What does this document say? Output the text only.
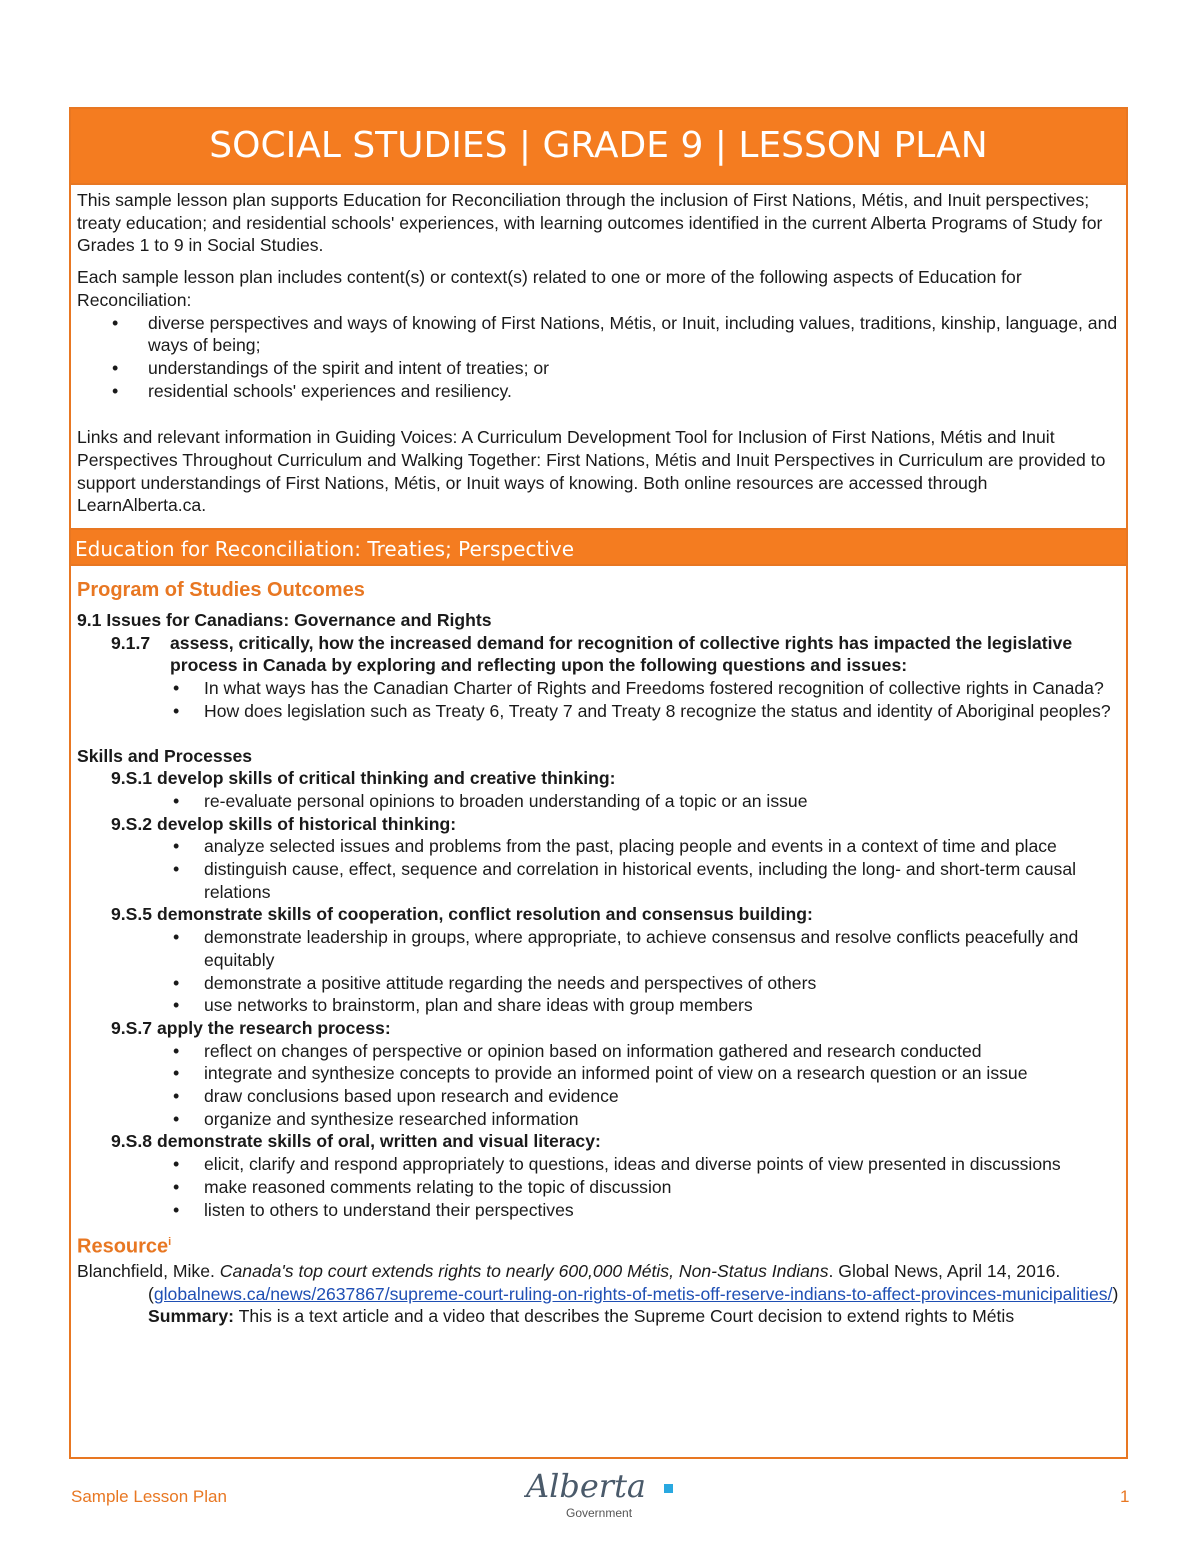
SOCIAL STUDIES | GRADE 9 | LESSON PLAN

This sample lesson plan supports Education for Reconciliation through the inclusion of First Nations, Métis, and Inuit perspectives; treaty education; and residential schools' experiences, with learning outcomes identified in the current Alberta Programs of Study for Grades 1 to 9 in Social Studies.

Each sample lesson plan includes content(s) or context(s) related to one or more of the following aspects of Education for Reconciliation:

• diverse perspectives and ways of knowing of First Nations, Métis, or Inuit, including values, traditions, kinship, language, and ways of being;
• understandings of the spirit and intent of treaties; or
• residential schools' experiences and resiliency.

Links and relevant information in Guiding Voices: A Curriculum Development Tool for Inclusion of First Nations, Métis and Inuit Perspectives Throughout Curriculum and Walking Together: First Nations, Métis and Inuit Perspectives in Curriculum are provided to support understandings of First Nations, Métis, or Inuit ways of knowing. Both online resources are accessed through LearnAlberta.ca.

Education for Reconciliation: Treaties; Perspective
Program of Studies Outcomes

9.1 Issues for Canadians: Governance and Rights

9.1.7 assess, critically, how the increased demand for recognition of collective rights has impacted the legislative process in Canada by exploring and reflecting upon the following questions and issues:

• In what ways has the Canadian Charter of Rights and Freedoms fostered recognition of collective rights in Canada?
• How does legislation such as Treaty 6, Treaty 7 and Treaty 8 recognize the status and identity of Aboriginal peoples?

Skills and Processes

9.S.1 develop skills of critical thinking and creative thinking:

• re-evaluate personal opinions to broaden understanding of a topic or an issue

9.S.2 develop skills of historical thinking:

• analyze selected issues and problems from the past, placing people and events in a context of time and place
• distinguish cause, effect, sequence and correlation in historical events, including the long- and short-term causal relations

9.S.5 demonstrate skills of cooperation, conflict resolution and consensus building:

• demonstrate leadership in groups, where appropriate, to achieve consensus and resolve conflicts peacefully and equitably
• demonstrate a positive attitude regarding the needs and perspectives of others
• use networks to brainstorm, plan and share ideas with group members

9.S.7 apply the research process:

• reflect on changes of perspective or opinion based on information gathered and research conducted
• integrate and synthesize concepts to provide an informed point of view on a research question or an issue
• draw conclusions based upon research and evidence
• organize and synthesize researched information

9.S.8 demonstrate skills of oral, written and visual literacy:

• elicit, clarify and respond appropriately to questions, ideas and diverse points of view presented in discussions
• make reasoned comments relating to the topic of discussion
• listen to others to understand their perspectives
Resource$^i$

Blanchfield, Mike. Canada's top court extends rights to nearly 600,000 Métis, Non-Status Indians. Global News, April 14, 2016. (globalnews.ca/news/2637867/supreme-court-ruling-on-rights-of-metis-off-reserve-indians-to-affect-provinces-municipalities/)

Summary: This is a text article and a video that describes the Supreme Court decision to extend rights to Métis

Sample Lesson Plan	Alberta
Government
1
